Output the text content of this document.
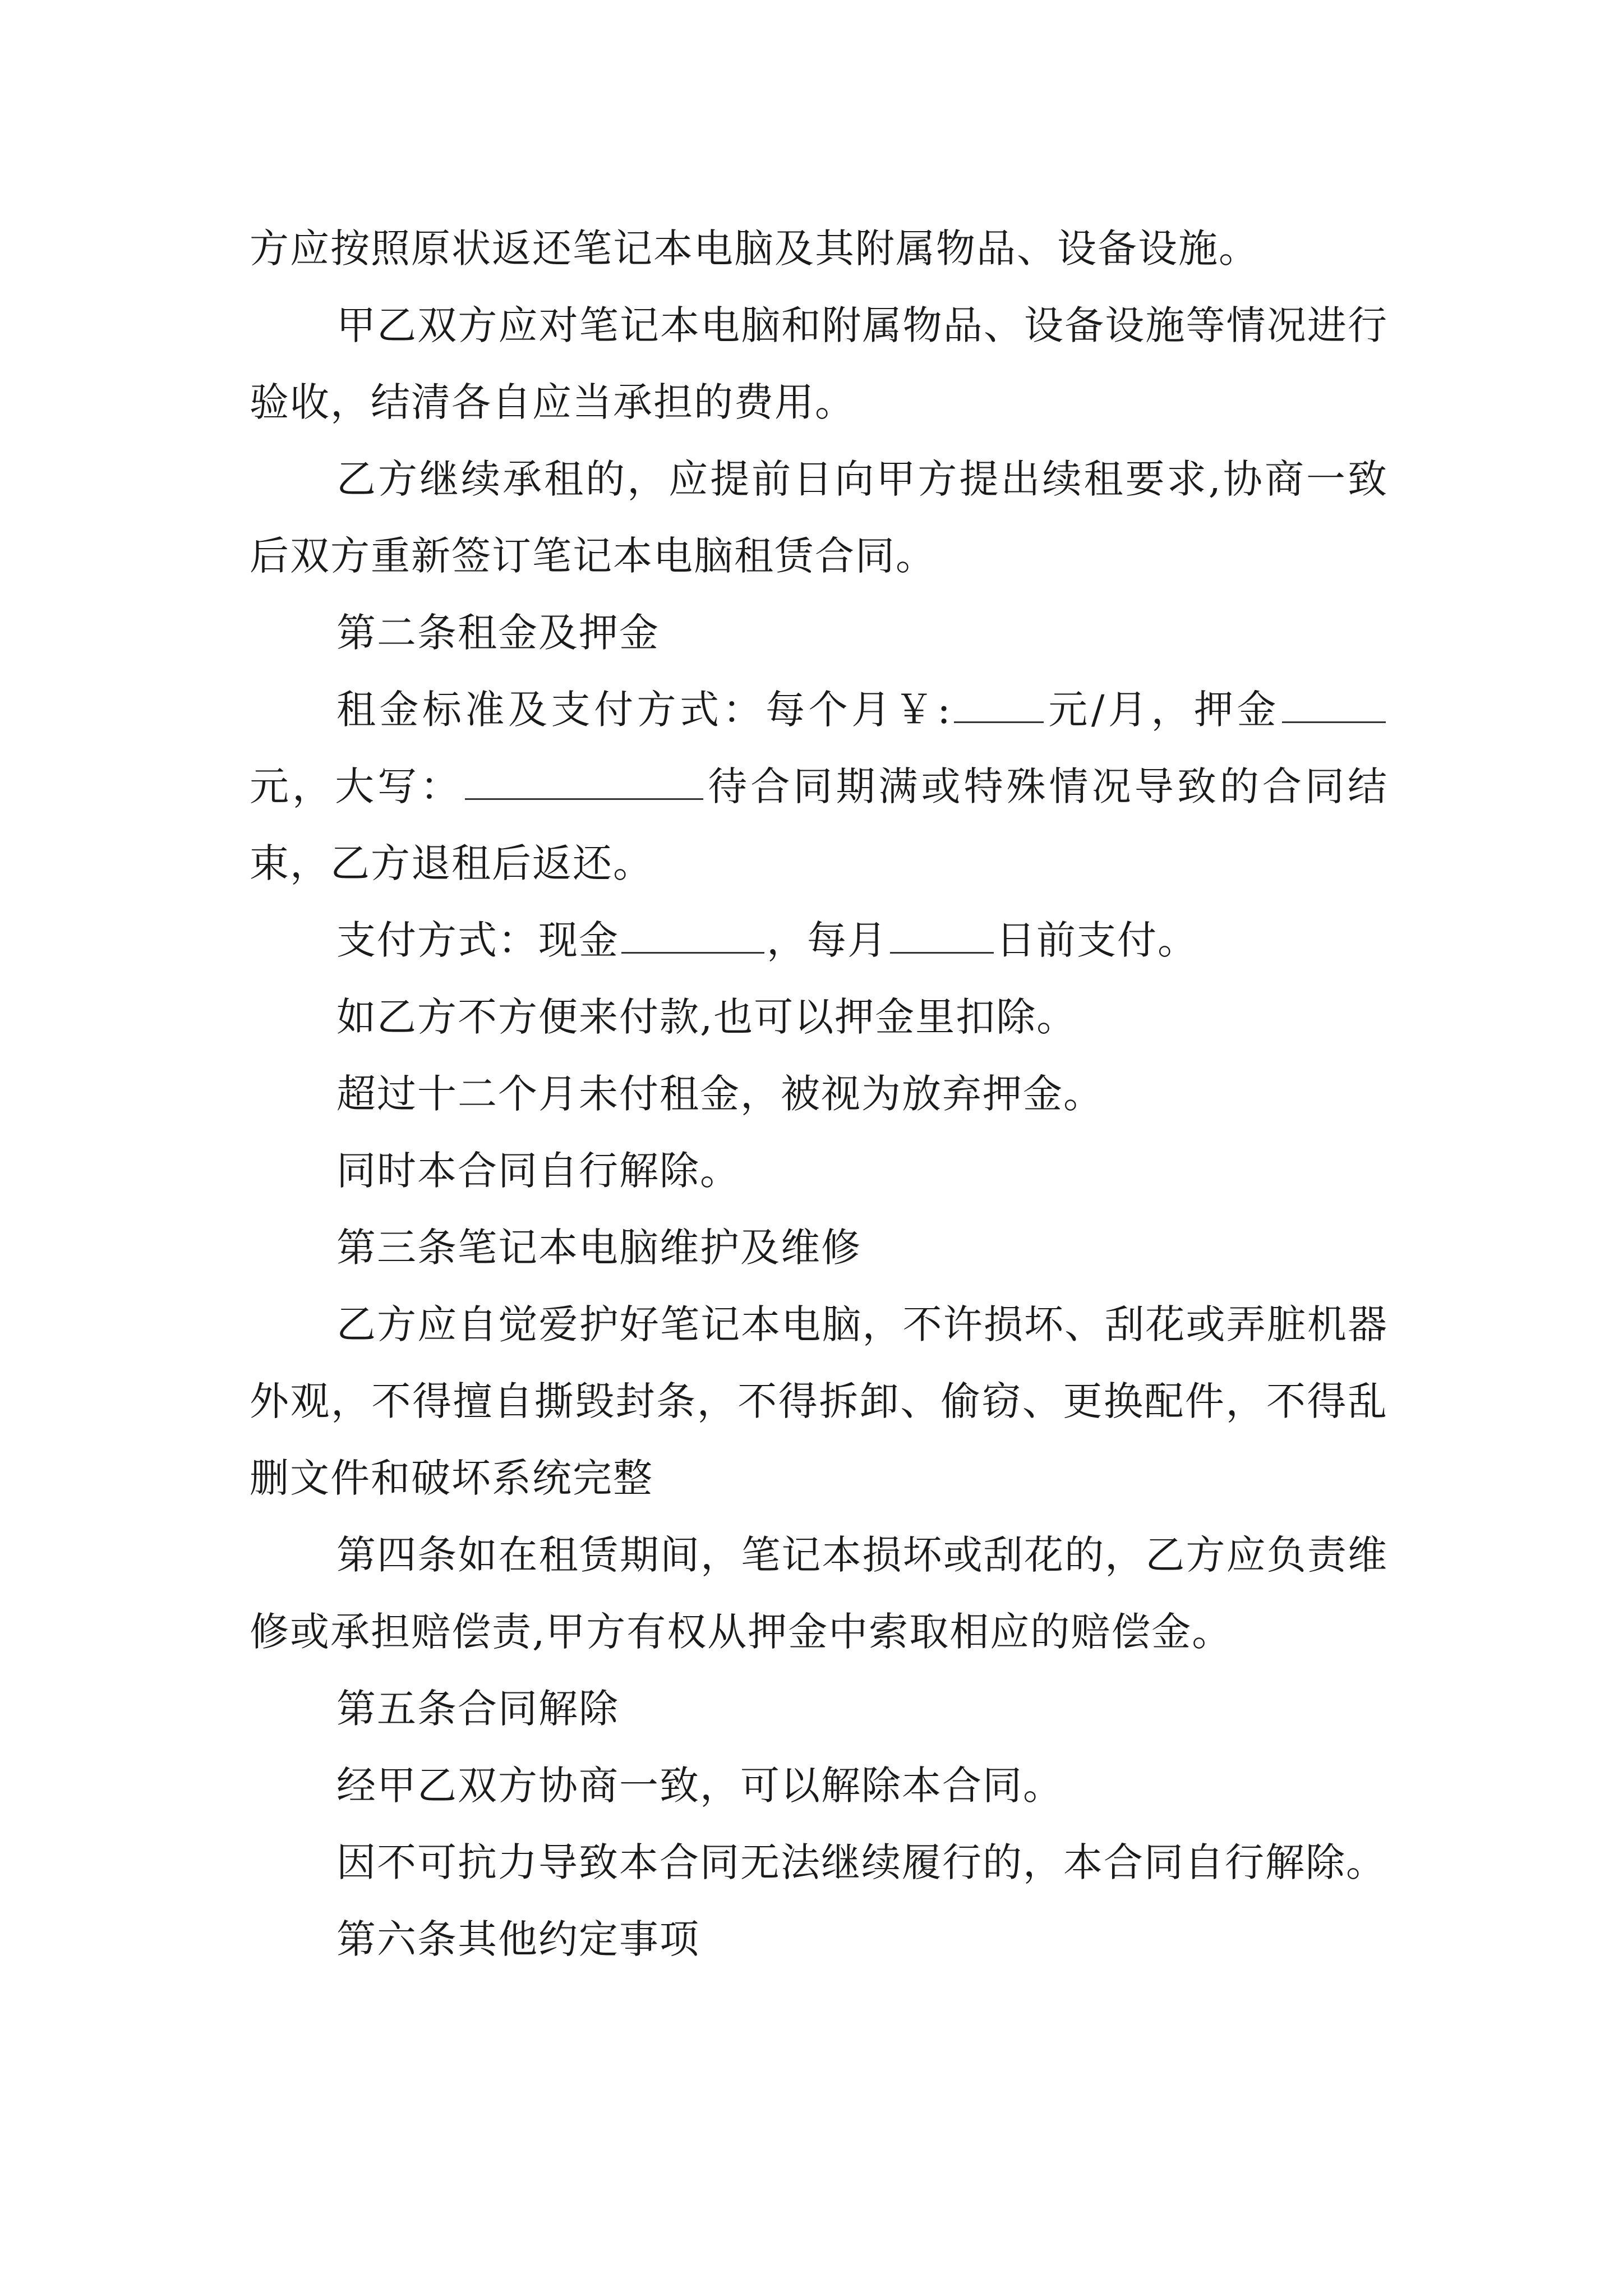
方应按照原状返还笔记本电脑及其附属物品、设备设施。

甲乙双方应对笔记本电脑和附属物品、设备设施等情况进行验收，结清各自应当承担的费用。

乙方继续承租的，应提前日向甲方提出续租要求,协商一致后双方重新签订笔记本电脑租赁合同。

第二条租金及押金

租金标准及支付方式：每个月￥: 元/月，押金元，大写：	待合同期满或特殊情况导致的合同结束，乙方退租后返还。

支付方式：现金	，每月	日前支付。

如乙方不方便来付款,也可以押金里扣除。

超过十二个月未付租金，被视为放弃押金。

同时本合同自行解除。

第三条笔记本电脑维护及维修

乙方应自觉爱护好笔记本电脑，不许损坏、刮花或弄脏机器外观，不得擅自撕毁封条，不得拆卸、偷窃、更换配件，不得乱删文件和破坏系统完整

第四条如在租赁期间，笔记本损坏或刮花的，乙方应负责维修或承担赔偿责,甲方有权从押金中索取相应的赔偿金。

第五条合同解除

经甲乙双方协商一致，可以解除本合同。

因不可抗力导致本合同无法继续履行的，本合同自行解除。

第六条其他约定事项
